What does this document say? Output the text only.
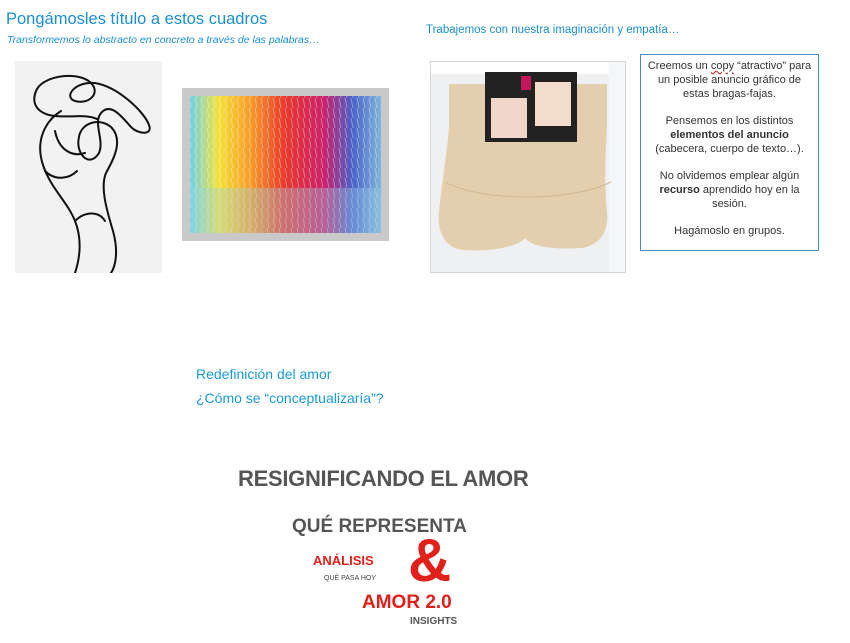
Pongámosles título a estos cuadros
Transformemos lo abstracto en concreto a través de las palabras…
Trabajemos con nuestra imaginación y empatía…

Creemos un copy “atractivo” para un posible anuncio gráfico de estas bragas-fajas.

Pensemos en los distintos elementos del anuncio (cabecera, cuerpo de texto…).

No olvidemos emplear algún recurso aprendido hoy en la sesión.

Hagámoslo en grupos.

Redefinición del amor
¿Cómo se “conceptualizaría”?
RESIGNIFICANDO EL AMOR
QUÉ REPRESENTA
ANÁLISIS
QUÉ PASA HOY &
AMOR 2.0
INSIGHTS
